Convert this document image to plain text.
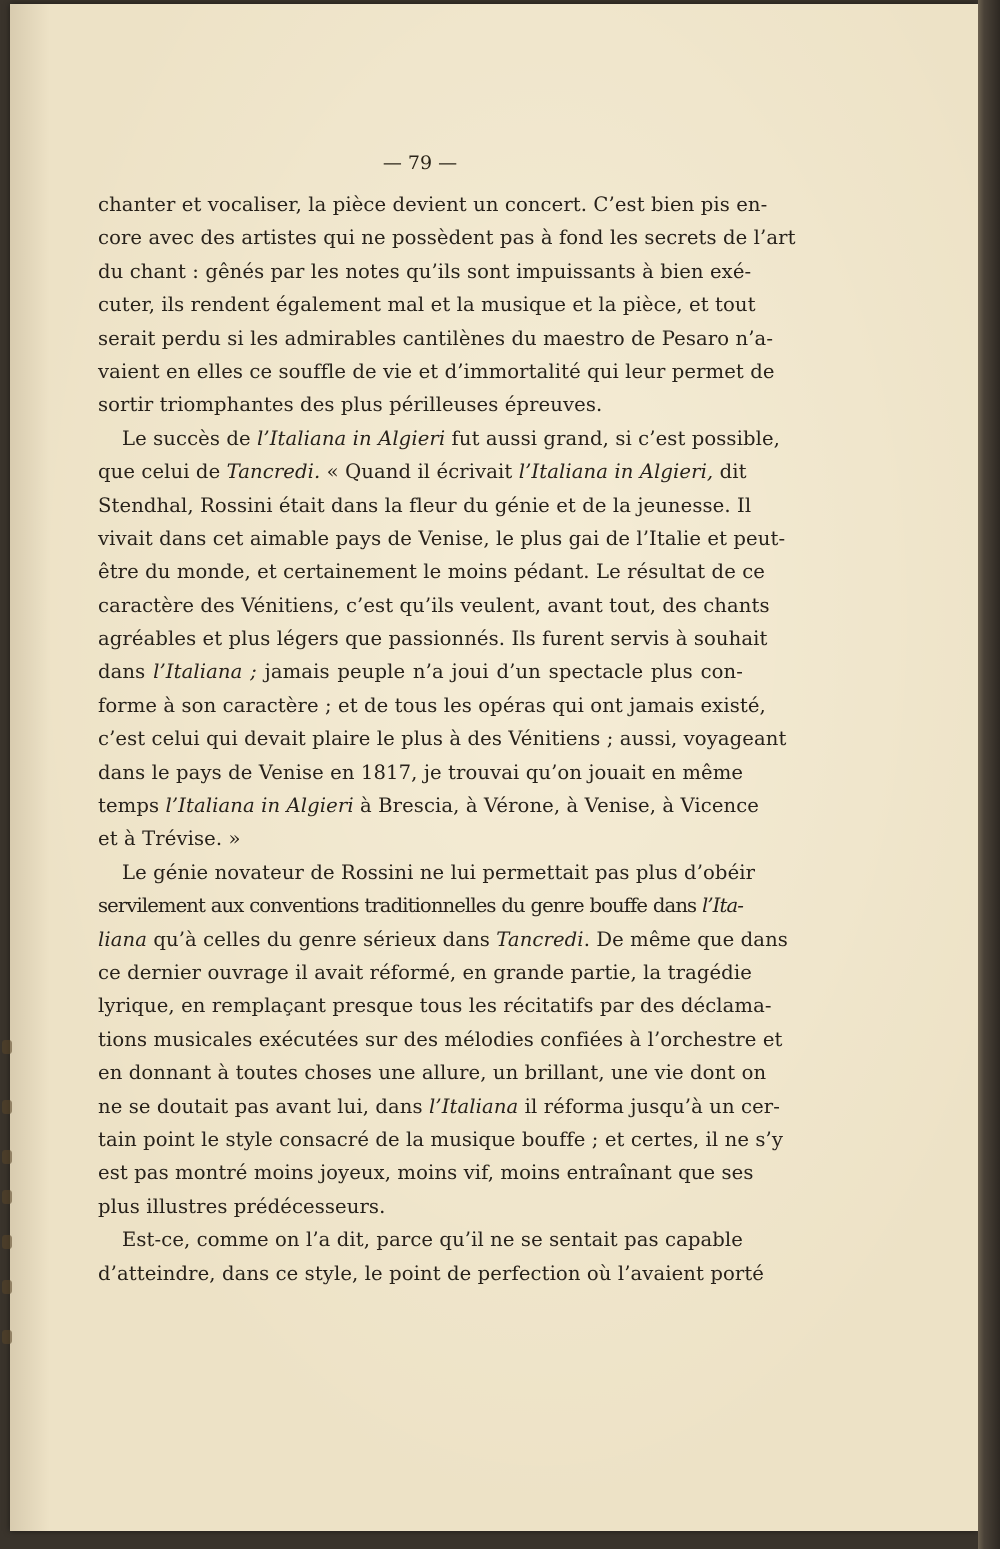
— 79 —
chanter et vocaliser, la pièce devient un concert. C’est bien pis en-
core avec des artistes qui ne possèdent pas à fond les secrets de l’art
du chant : gênés par les notes qu’ils sont impuissants à bien exé-
cuter, ils rendent également mal et la musique et la pièce, et tout
serait perdu si les admirables cantilènes du maestro de Pesaro n’a-
vaient en elles ce souffle de vie et d’immortalité qui leur permet de
sortir triomphantes des plus périlleuses épreuves.
Le succès de l’Italiana in Algieri fut aussi grand, si c’est possible,
que celui de Tancredi. « Quand il écrivait l’Italiana in Algieri, dit
Stendhal, Rossini était dans la fleur du génie et de la jeunesse. Il
vivait dans cet aimable pays de Venise, le plus gai de l’Italie et peut-
être du monde, et certainement le moins pédant. Le résultat de ce
caractère des Vénitiens, c’est qu’ils veulent, avant tout, des chants
agréables et plus légers que passionnés. Ils furent servis à souhait
dans l’Italiana ; jamais peuple n’a joui d’un spectacle plus con-
forme à son caractère ; et de tous les opéras qui ont jamais existé,
c’est celui qui devait plaire le plus à des Vénitiens ; aussi, voyageant
dans le pays de Venise en 1817, je trouvai qu’on jouait en même
temps l’Italiana in Algieri à Brescia, à Vérone, à Venise, à Vicence
et à Trévise. »
Le génie novateur de Rossini ne lui permettait pas plus d’obéir
servilement aux conventions traditionnelles du genre bouffe dans l’Ita-
liana qu’à celles du genre sérieux dans Tancredi. De même que dans
ce dernier ouvrage il avait réformé, en grande partie, la tragédie
lyrique, en remplaçant presque tous les récitatifs par des déclama-
tions musicales exécutées sur des mélodies confiées à l’orchestre et
en donnant à toutes choses une allure, un brillant, une vie dont on
ne se doutait pas avant lui, dans l’Italiana il réforma jusqu’à un cer-
tain point le style consacré de la musique bouffe ; et certes, il ne s’y
est pas montré moins joyeux, moins vif, moins entraînant que ses
plus illustres prédécesseurs.
Est-ce, comme on l’a dit, parce qu’il ne se sentait pas capable
d’atteindre, dans ce style, le point de perfection où l’avaient porté
